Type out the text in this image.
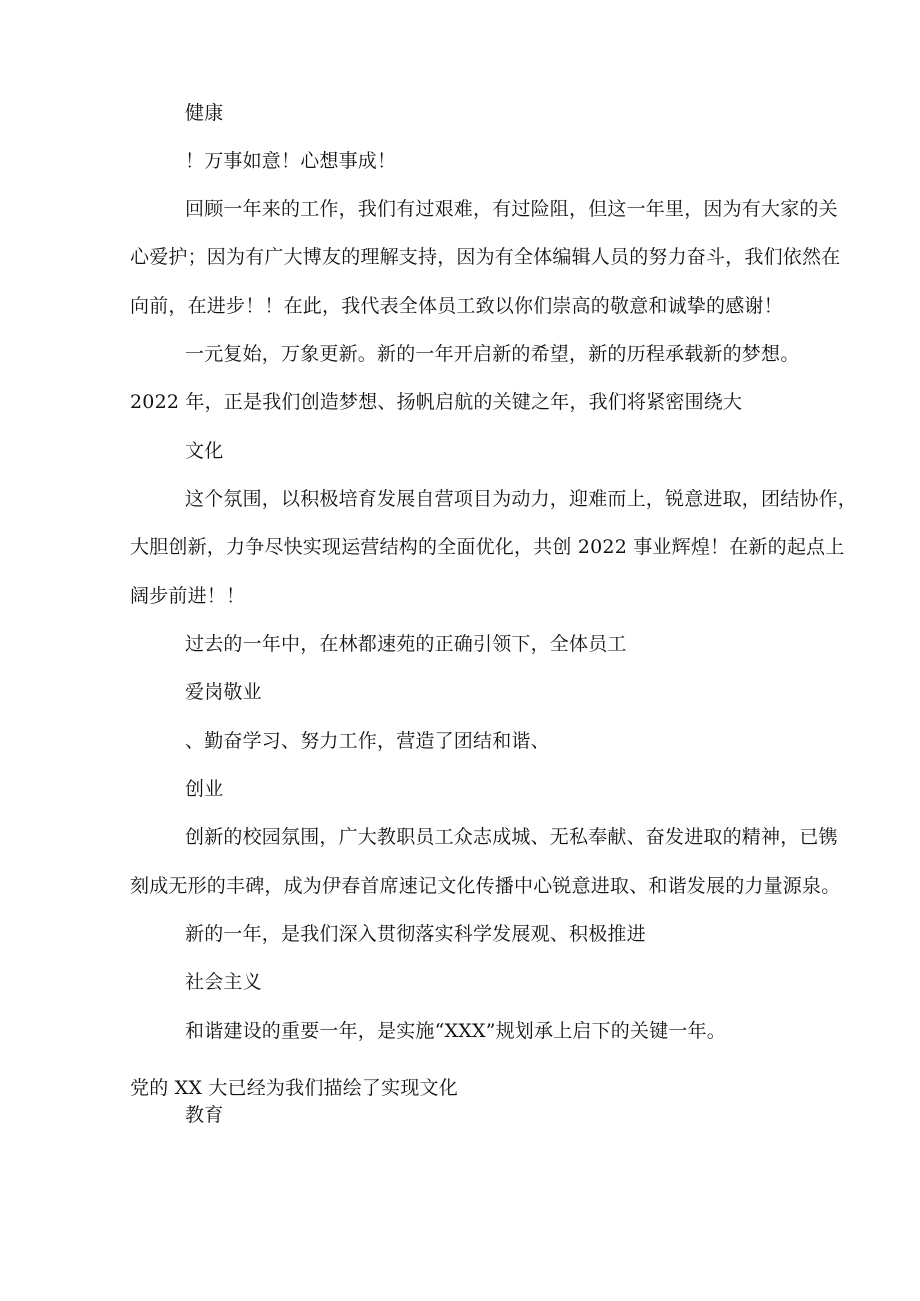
健康
！万事如意！心想事成！
回顾一年来的工作，我们有过艰难，有过险阻，但这一年里，因为有大家的关
心爱护；因为有广大博友的理解支持，因为有全体编辑人员的努力奋斗，我们依然在
向前，在进步！！在此，我代表全体员工致以你们崇高的敬意和诚挚的感谢！
一元复始，万象更新。新的一年开启新的希望，新的历程承载新的梦想。
2022 年，正是我们创造梦想、扬帆启航的关键之年，我们将紧密围绕大
文化
这个氛围，以积极培育发展自营项目为动力，迎难而上，锐意进取，团结协作，
大胆创新，力争尽快实现运营结构的全面优化，共创 2022 事业辉煌！在新的起点上
阔步前进！！
过去的一年中，在林都速苑的正确引领下，全体员工
爱岗敬业
、勤奋学习、努力工作，营造了团结和谐、
创业
创新的校园氛围，广大教职员工众志成城、无私奉献、奋发进取的精神，已镌
刻成无形的丰碑，成为伊春首席速记文化传播中心锐意进取、和谐发展的力量源泉。
新的一年，是我们深入贯彻落实科学发展观、积极推进
社会主义
和谐建设的重要一年，是实施“XXX”规划承上启下的关键一年。
党的 XX 大已经为我们描绘了实现文化
教育
